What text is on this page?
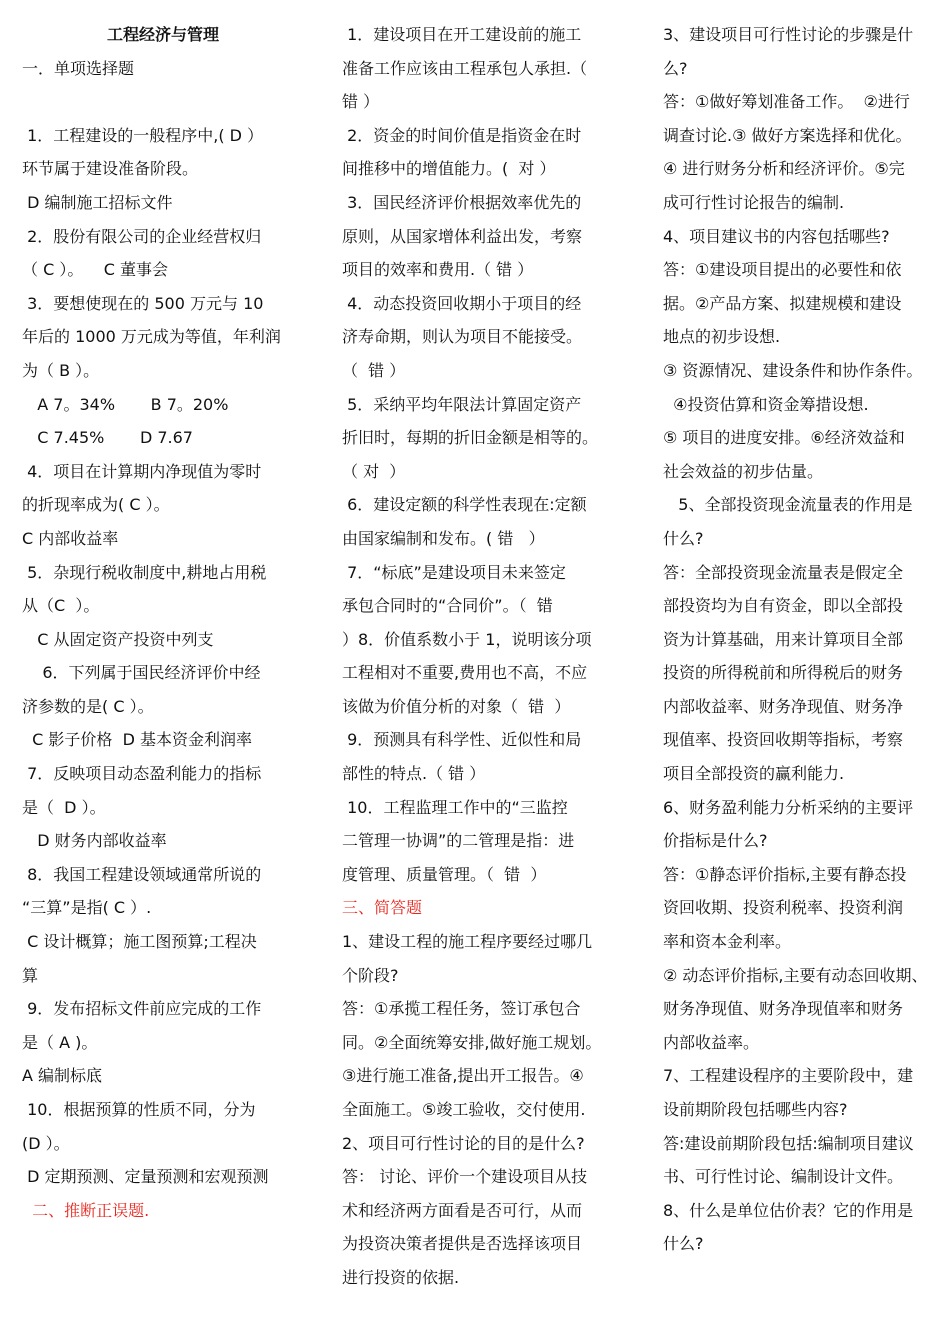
工程经济与管理
一．单项选择题
1．工程建设的一般程序中,( D ）
环节属于建设准备阶段。
D 编制施工招标文件
2．股份有限公司的企业经营权归
（ C ）。    C 董事会
3．要想使现在的 500 万元与 10
年后的 1000 万元成为等值，年利润
为（ B ）。
A 7。34%       B 7。20%
C 7.45%       D 7.67
4．项目在计算期内净现值为零时
的折现率成为( C ）。
C 内部收益率
5．杂现行税收制度中,耕地占用税
从（C  ）。
C 从固定资产投资中列支
6．下列属于国民经济评价中经
济参数的是( C ）。
C 影子价格  D 基本资金利润率
7．反映项目动态盈利能力的指标
是（  D ）。
D 财务内部收益率
8．我国工程建设领域通常所说的
“三算”是指( C ）.
C 设计概算；施工图预算;工程决
算
9．发布招标文件前应完成的工作
是（ A )。
A 编制标底
10．根据预算的性质不同，分为
(D ）。
D 定期预测、定量预测和宏观预测
二、推断正误题.
1．建设项目在开工建设前的施工
准备工作应该由工程承包人承担.（
错 ）
2．资金的时间价值是指资金在时
间推移中的增值能力。(  对 ）
3．国民经济评价根据效率优先的
原则，从国家增体利益出发，考察
项目的效率和费用.（ 错 ）
4．动态投资回收期小于项目的经
济寿命期，则认为项目不能接受。
（  错 ）
5．采纳平均年限法计算固定资产
折旧时，每期的折旧金额是相等的。
（ 对  ）
6．建设定额的科学性表现在:定额
由国家编制和发布。( 错   ）
7．“标底”是建设项目未来签定
承包合同时的“合同价”。（  错
）8．价值系数小于 1，说明该分项
工程相对不重要,费用也不高，不应
该做为价值分析的对象（  错  ）
9．预测具有科学性、近似性和局
部性的特点.（ 错 ）
10．工程监理工作中的“三监控
二管理一协调”的二管理是指：进
度管理、质量管理。（  错  ）
三、简答题
1、建设工程的施工程序要经过哪几
个阶段?
答：①承揽工程任务，签订承包合
同。②全面统筹安排,做好施工规划。
③进行施工准备,提出开工报告。④
全面施工。⑤竣工验收，交付使用.
2、项目可行性讨论的目的是什么?
答： 讨论、评价一个建设项目从技
术和经济两方面看是否可行，从而
为投资决策者提供是否选择该项目
进行投资的依据.
3、建设项目可行性讨论的步骤是什
么?
答：①做好筹划准备工作。  ②进行
调查讨论.③ 做好方案选择和优化。
④ 进行财务分析和经济评价。⑤完
成可行性讨论报告的编制.
4、项目建议书的内容包括哪些?
答：①建设项目提出的必要性和依
据。②产品方案、拟建规模和建设
地点的初步设想.
③ 资源情况、建设条件和协作条件。
④投资估算和资金筹措设想.
⑤ 项目的进度安排。⑥经济效益和
社会效益的初步估量。
5、全部投资现金流量表的作用是
什么?
答：全部投资现金流量表是假定全
部投资均为自有资金，即以全部投
资为计算基础，用来计算项目全部
投资的所得税前和所得税后的财务
内部收益率、财务净现值、财务净
现值率、投资回收期等指标，考察
项目全部投资的赢利能力.
6、财务盈利能力分析采纳的主要评
价指标是什么?
答：①静态评价指标,主要有静态投
资回收期、投资利税率、投资利润
率和资本金利率。
② 动态评价指标,主要有动态回收期、
财务净现值、财务净现值率和财务
内部收益率。
7、工程建设程序的主要阶段中，建
设前期阶段包括哪些内容?
答:建设前期阶段包括:编制项目建议
书、可行性讨论、编制设计文件。
8、什么是单位估价表？它的作用是
什么?
